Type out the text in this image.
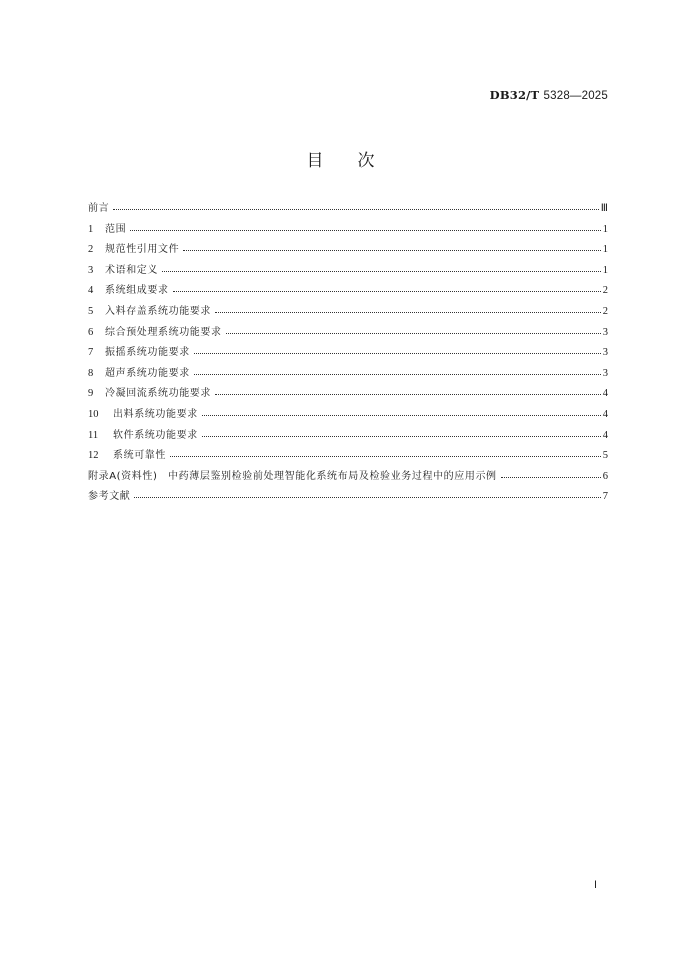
DB32/T 5328—2025
目次
前言	Ⅲ
1	范围	1
2	规范性引用文件	1
3	术语和定义	1
4	系统组成要求	2
5	入料存盖系统功能要求	2
6	综合预处理系统功能要求	3
7	振摇系统功能要求	3
8	超声系统功能要求	3
9	冷凝回流系统功能要求	4
10	出料系统功能要求	4
11	软件系统功能要求	4
12	系统可靠性	5
附录A(资料性)　中药薄层鉴别检验前处理智能化系统布局及检验业务过程中的应用示例	6
参考文献	7
Ⅰ
